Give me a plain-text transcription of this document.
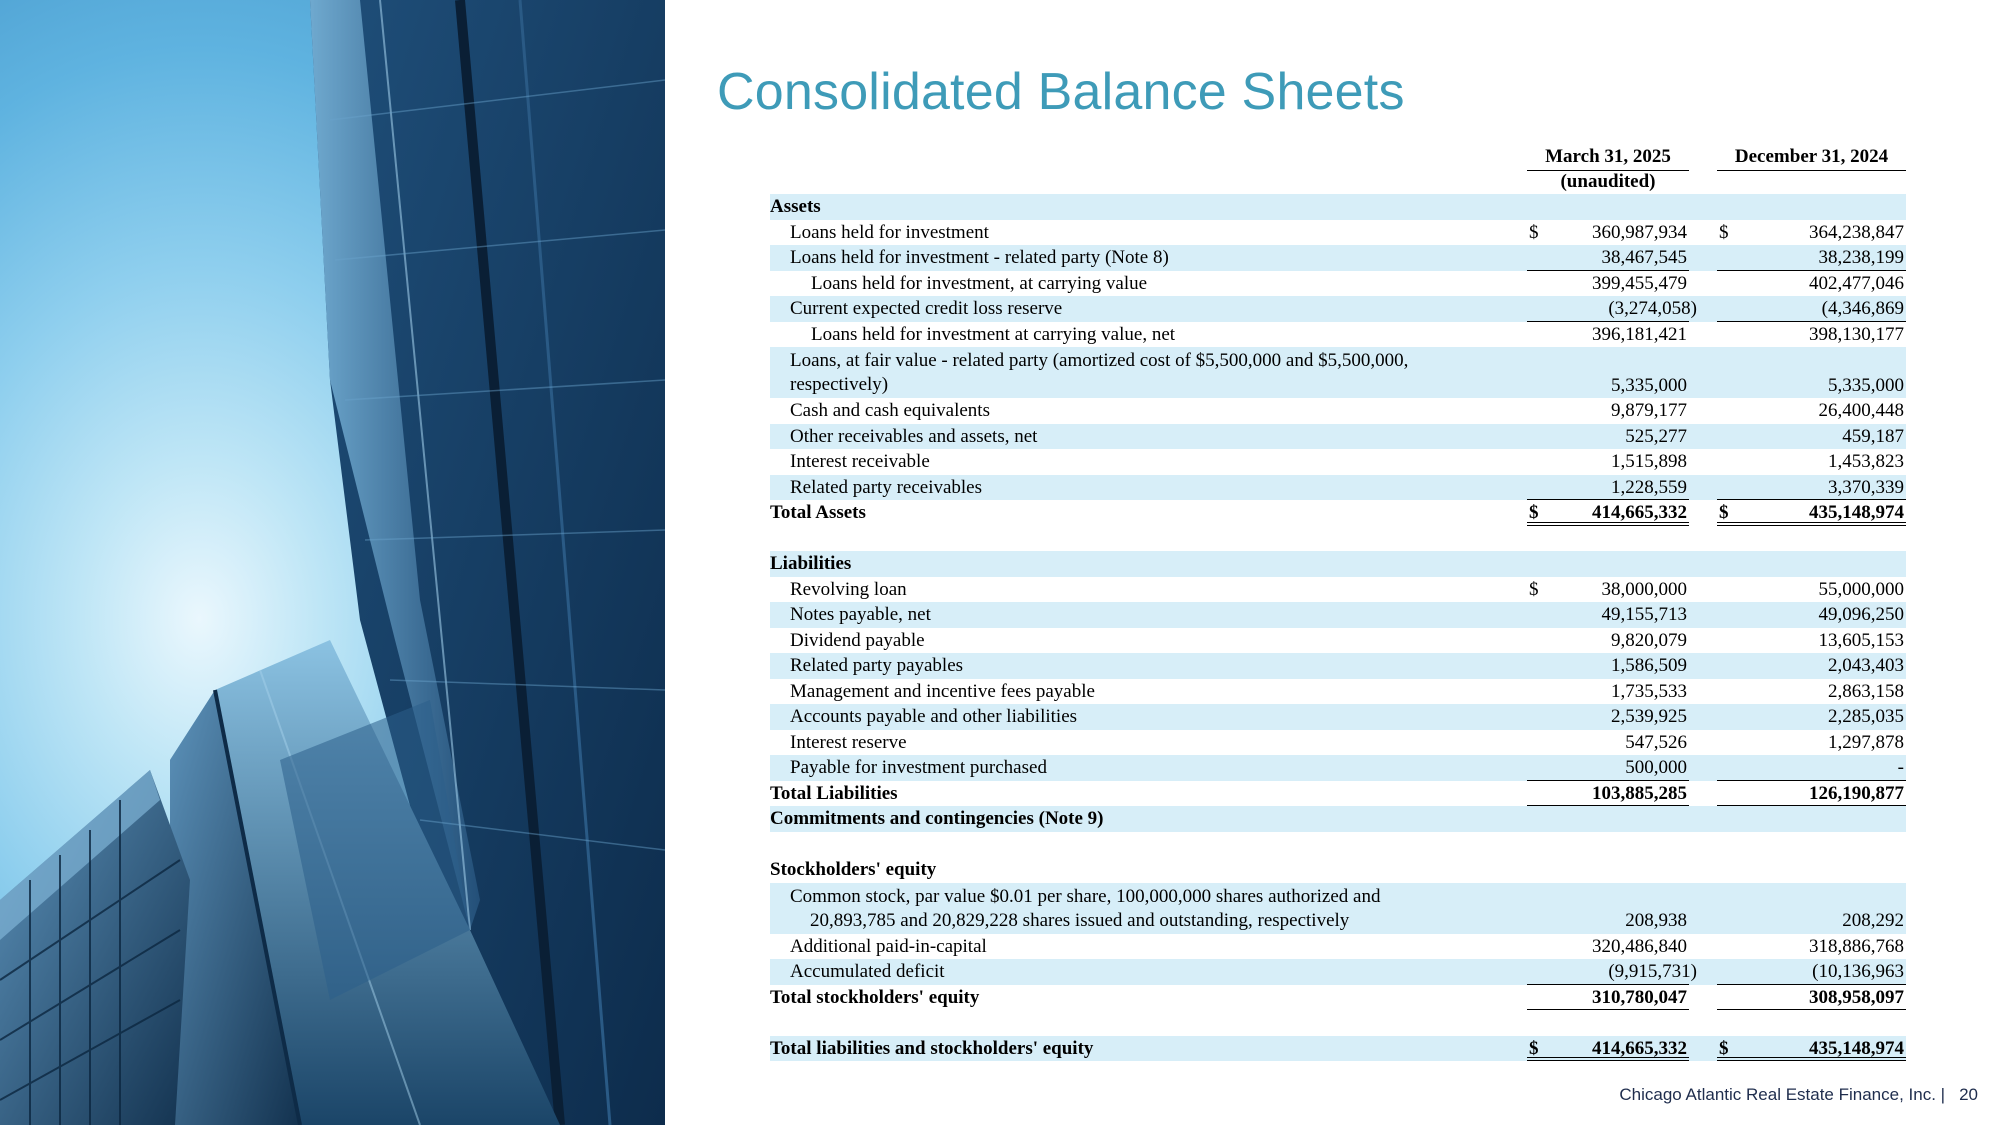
Consolidated Balance Sheets
March 31, 2025	December 31, 2024
(unaudited)
Assets
Loans held for investment	$	360,987,934 $	364,238,847
Loans held for investment - related party (Note 8)	38,467,545	38,238,199
Loans held for investment, at carrying value	399,455,479	402,477,046
Current expected credit loss reserve	(3,274,058)	(4,346,869
Loans held for investment at carrying value, net	396,181,421	398,130,177
Loans, at fair value - related party (amortized cost of $5,500,000 and $5,500,000, respectively)	5,335,000	5,335,000
Cash and cash equivalents	9,879,177	26,400,448
Other receivables and assets, net	525,277	459,187
Interest receivable	1,515,898	1,453,823
Related party receivables	1,228,559	3,370,339
Total Assets	$	414,665,332 $	435,148,974
Liabilities
Revolving loan	$	38,000,000	55,000,000
Notes payable, net	49,155,713	49,096,250
Dividend payable	9,820,079	13,605,153
Related party payables	1,586,509	2,043,403
Management and incentive fees payable	1,735,533	2,863,158
Accounts payable and other liabilities	2,539,925	2,285,035
Interest reserve	547,526	1,297,878
Payable for investment purchased	500,000	-
Total Liabilities	103,885,285	126,190,877
Commitments and contingencies (Note 9)
Stockholders' equity
Common stock, par value $0.01 per share, 100,000,000 shares authorized and
20,893,785 and 20,829,228 shares issued and outstanding, respectively	208,938	208,292
Additional paid-in-capital	320,486,840	318,886,768
Accumulated deficit	(9,915,731)	(10,136,963
Total stockholders' equity	310,780,047	308,958,097
Total liabilities and stockholders' equity	$	414,665,332 $	435,148,974
Chicago Atlantic Real Estate Finance, Inc. | 20
